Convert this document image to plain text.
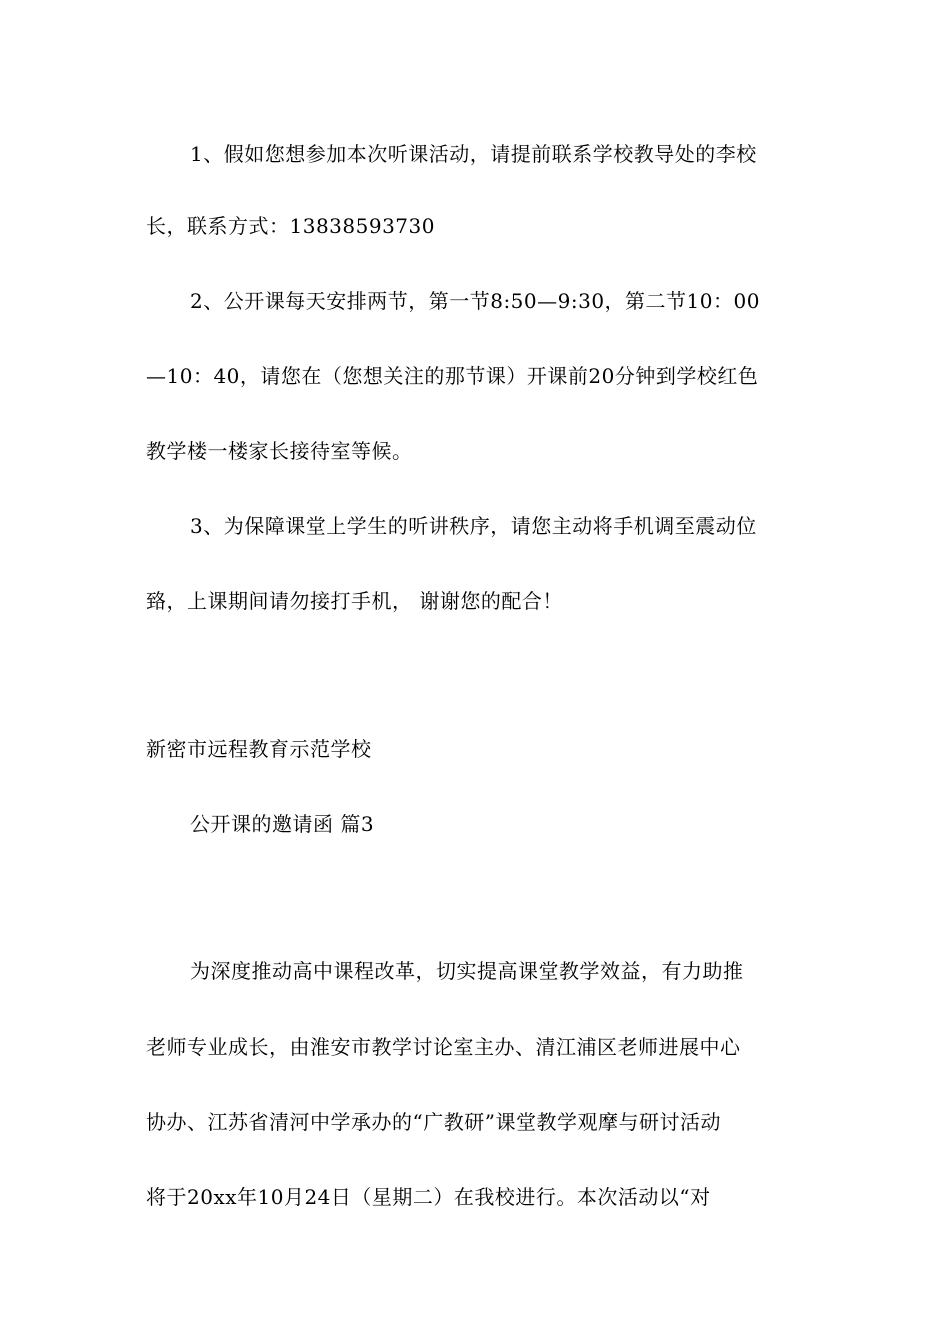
1、假如您想参加本次听课活动，请提前联系学校教导处的李校
长，联系方式：13838593730
2、公开课每天安排两节，第一节8:50—9:30，第二节10：00
—10：40，请您在（您想关注的那节课）开课前20分钟到学校红色
教学楼一楼家长接待室等候。
3、为保障课堂上学生的听讲秩序，请您主动将手机调至震动位
臵，上课期间请勿接打手机， 谢谢您的配合！
新密市远程教育示范学校
公开课的邀请函 篇3
为深度推动高中课程改革，切实提高课堂教学效益，有力助推
老师专业成长，由淮安市教学讨论室主办、清江浦区老师进展中心
协办、江苏省清河中学承办的“广教研”课堂教学观摩与研讨活动
将于20xx年10月24日（星期二）在我校进行。本次活动以“对
